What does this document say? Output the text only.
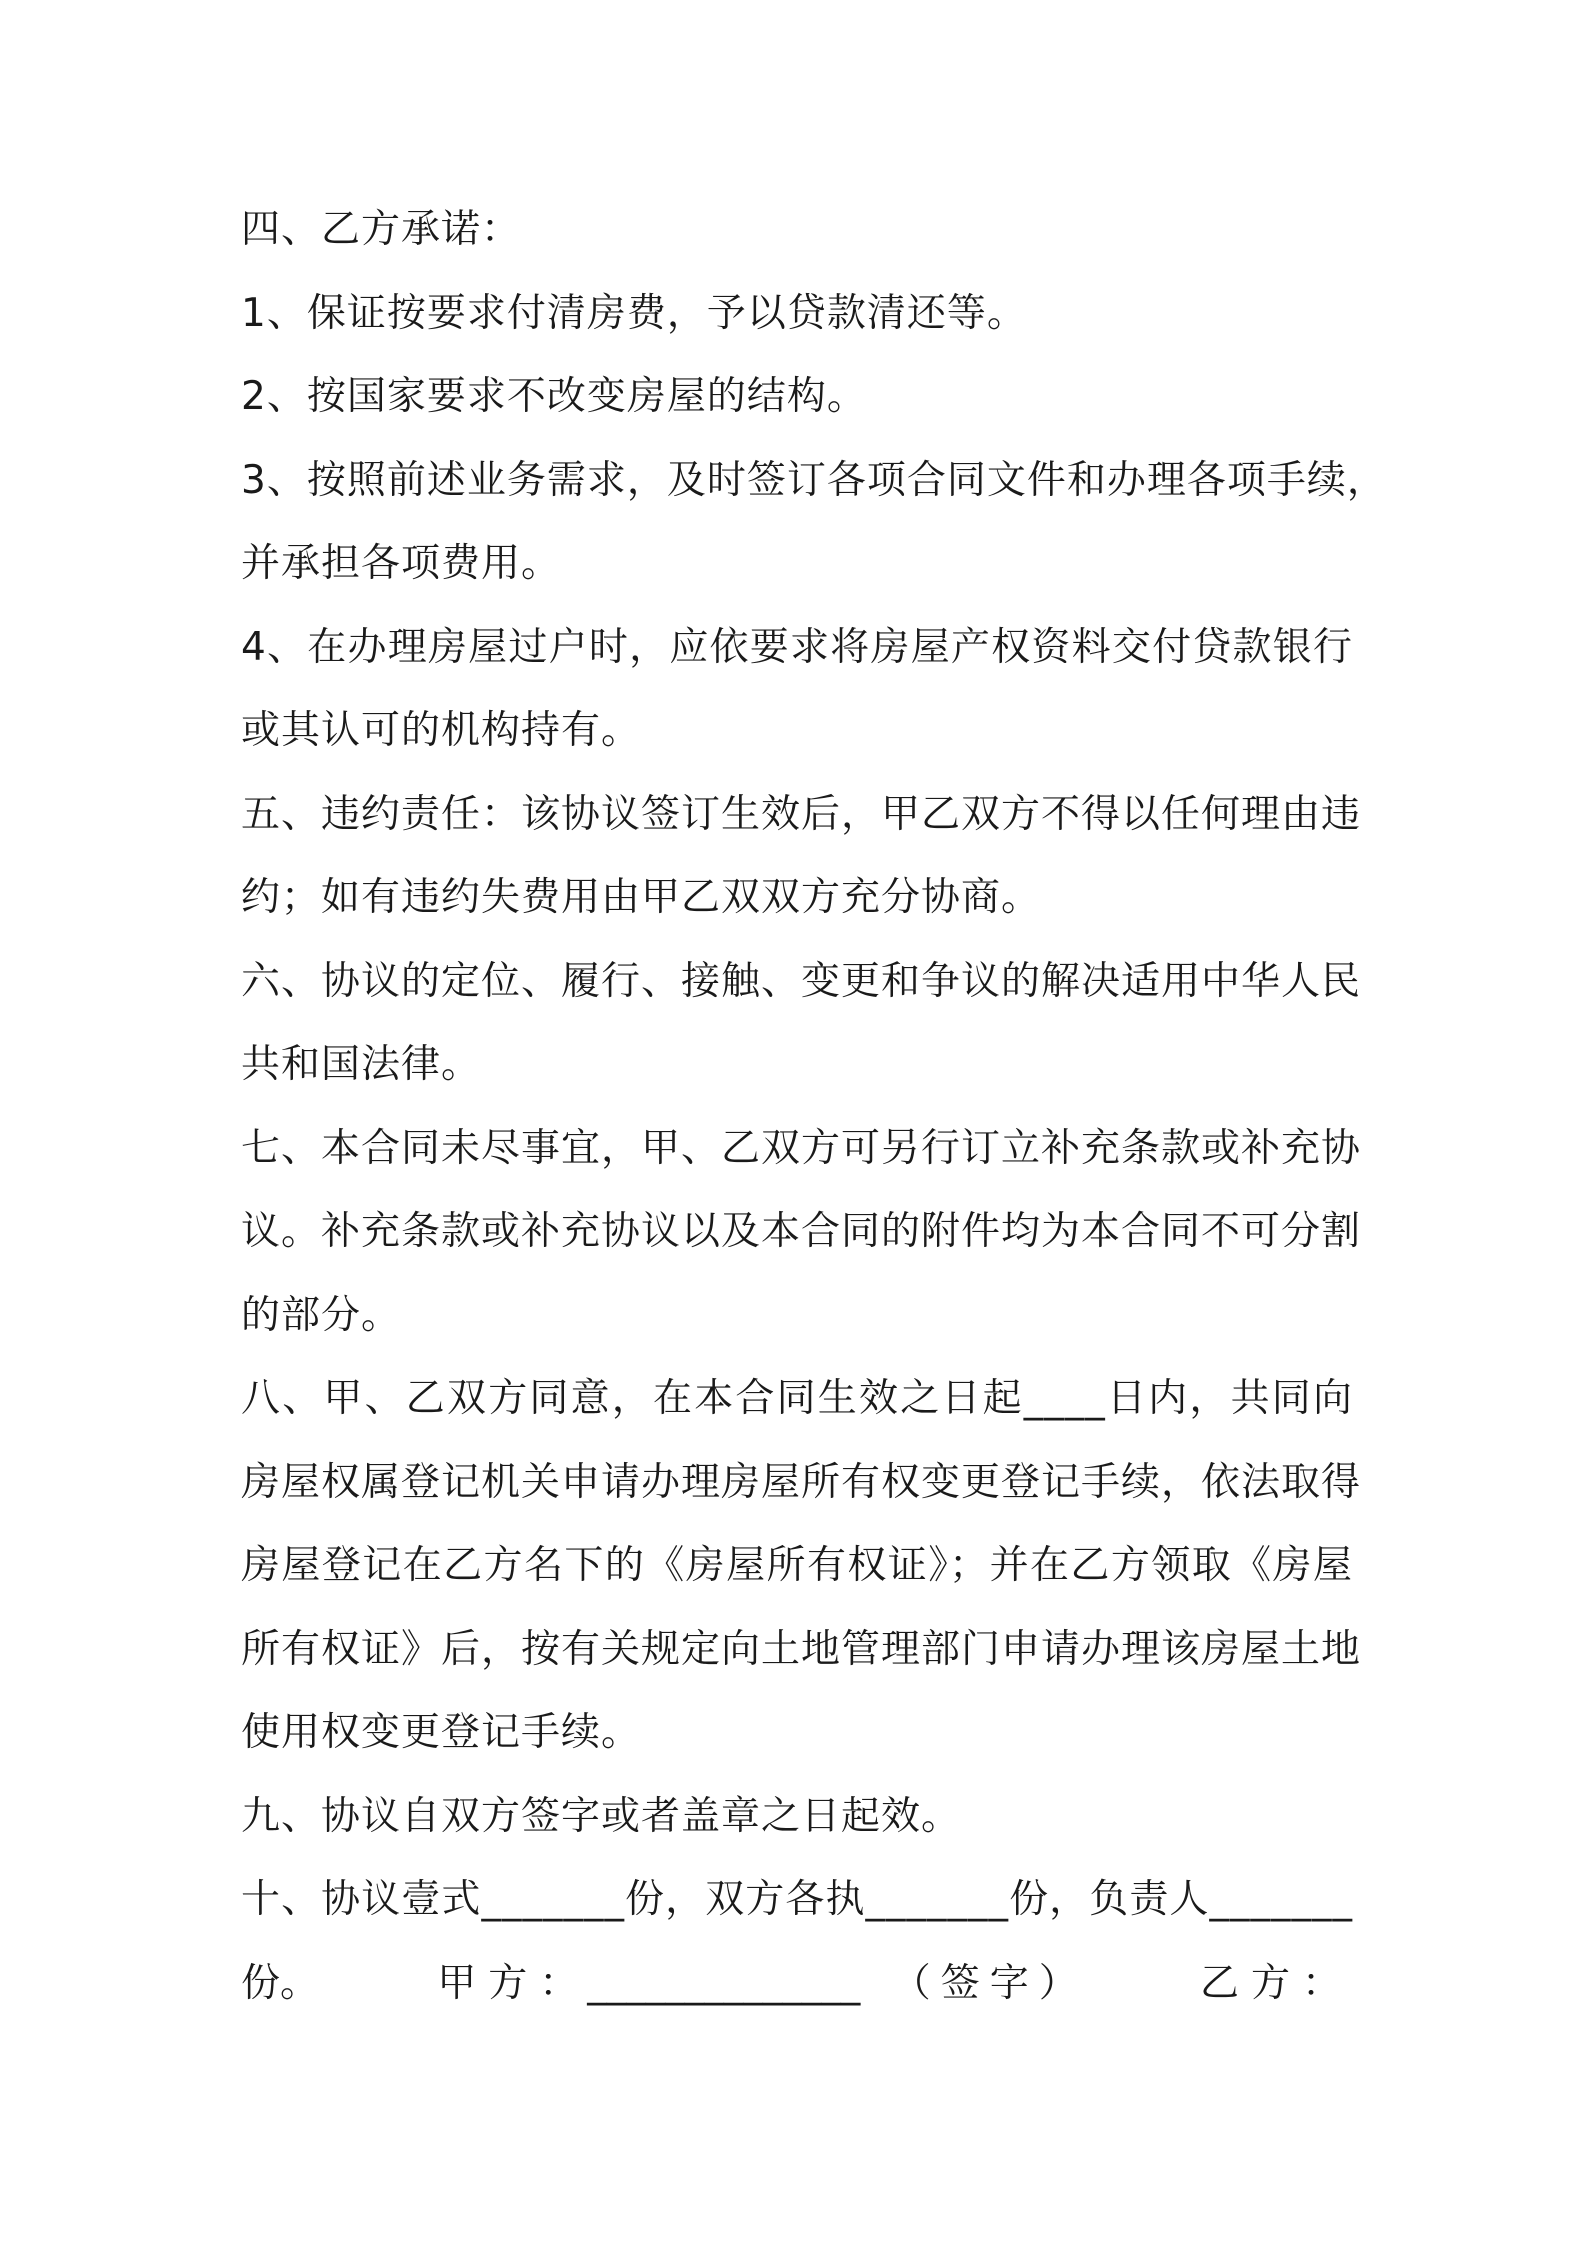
四、乙方承诺：
1、保证按要求付清房费，予以贷款清还等。
2、按国家要求不改变房屋的结构。
3、按照前述业务需求，及时签订各项合同文件和办理各项手续，
并承担各项费用。
4、在办理房屋过户时，应依要求将房屋产权资料交付贷款银行
或其认可的机构持有。
五、违约责任：该协议签订生效后，甲乙双方不得以任何理由违
约；如有违约失费用由甲乙双双方充分协商。
六、协议的定位、履行、接触、变更和争议的解决适用中华人民
共和国法律。
七、本合同未尽事宜，甲、乙双方可另行订立补充条款或补充协
议。补充条款或补充协议以及本合同的附件均为本合同不可分割
的部分。
八、甲、乙双方同意，在本合同生效之日起____日内，共同向
房屋权属登记机关申请办理房屋所有权变更登记手续，依法取得
房屋登记在乙方名下的《房屋所有权证》；并在乙方领取《房屋
所有权证》后，按有关规定向土地管理部门申请办理该房屋土地
使用权变更登记手续。
九、协议自双方签字或者盖章之日起效。
十、协议壹式_______份，双方各执_______份，负责人_______
份。	甲方：
______________ （签字）	乙方：
